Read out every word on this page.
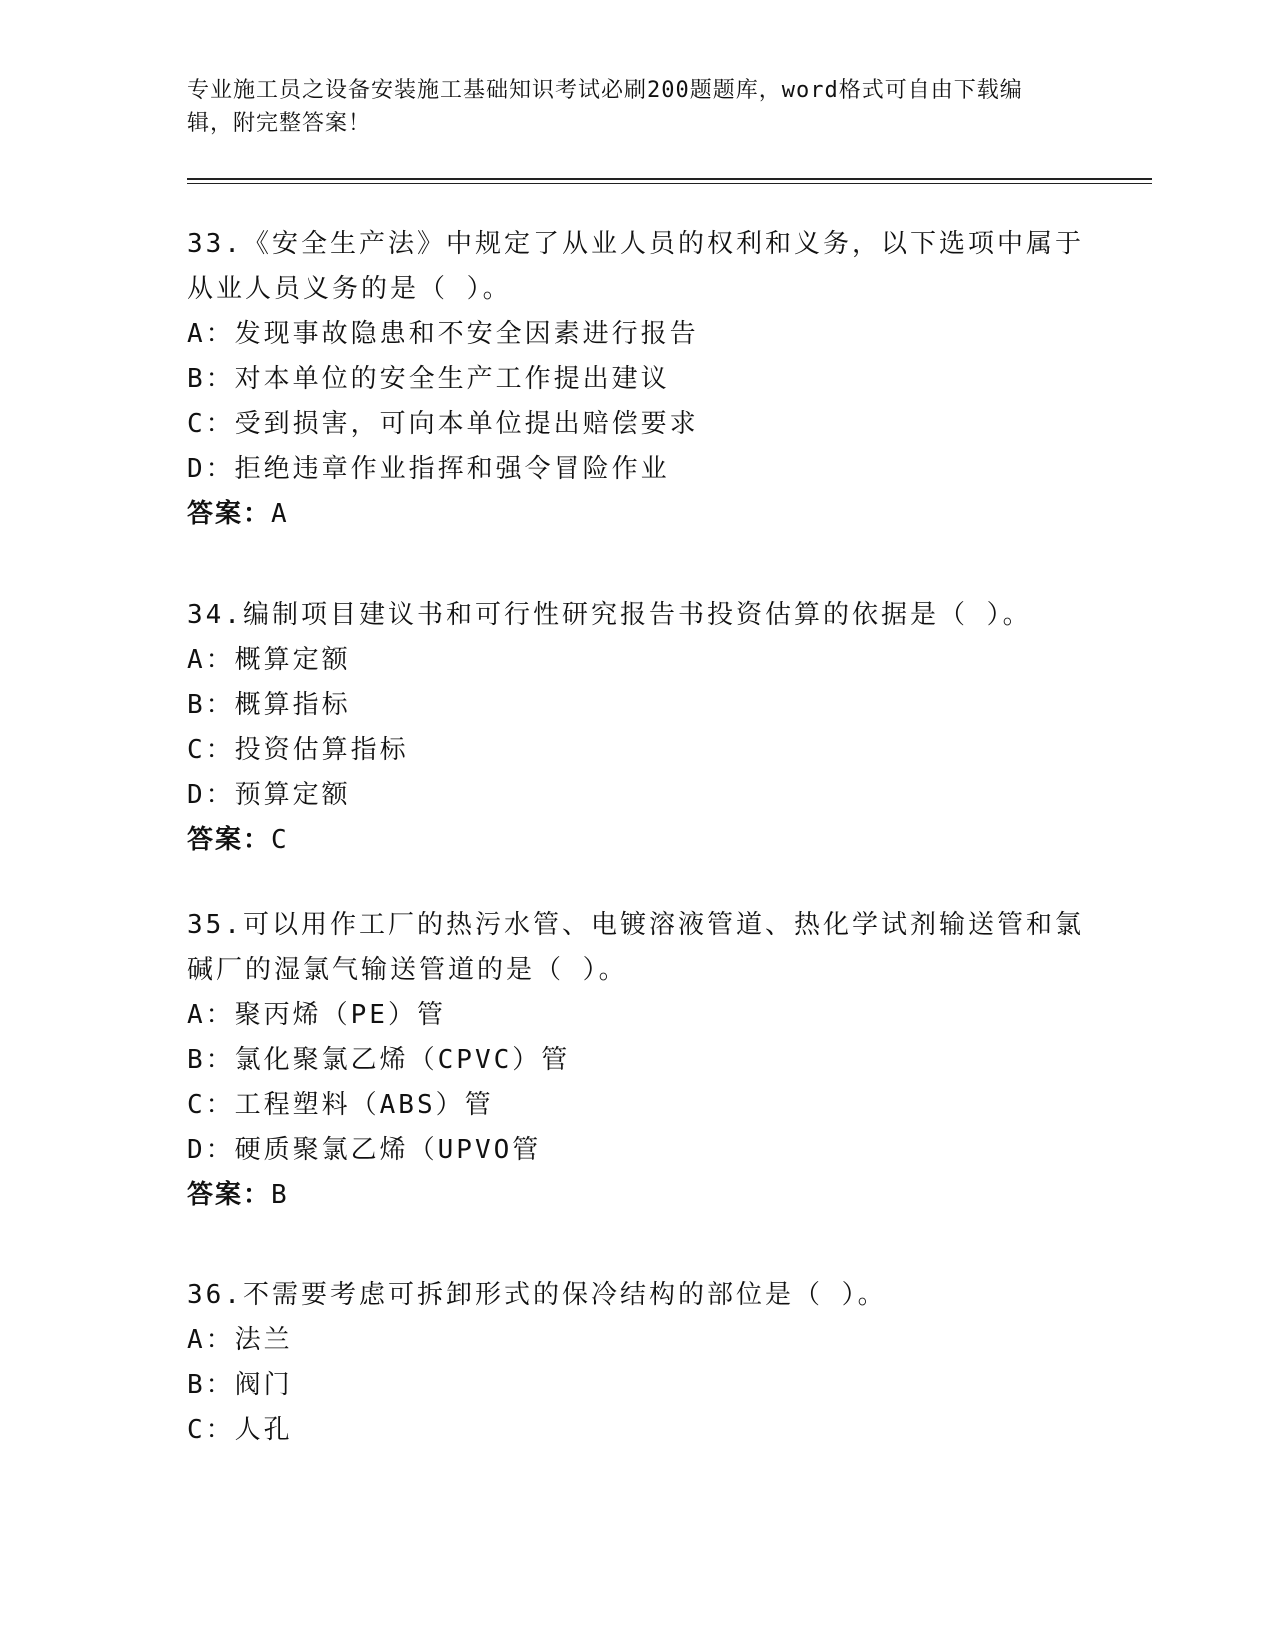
专业施工员之设备安装施工基础知识考试必刷200题题库，word格式可自由下载编辑，附完整答案！

33.《安全生产法》中规定了从业人员的权利和义务，以下选项中属于从业人员义务的是（ ）。

A：发现事故隐患和不安全因素进行报告

B：对本单位的安全生产工作提出建议

C：受到损害，可向本单位提出赔偿要求

D：拒绝违章作业指挥和强令冒险作业

答案：A

34.编制项目建议书和可行性研究报告书投资估算的依据是（ ）。

A：概算定额

B：概算指标

C：投资估算指标

D：预算定额

答案：C

35.可以用作工厂的热污水管、电镀溶液管道、热化学试剂输送管和氯碱厂的湿氯气输送管道的是（ ）。

A：聚丙烯（PE）管

B：氯化聚氯乙烯（CPVC）管

C：工程塑料（ABS）管

D：硬质聚氯乙烯（UPVO管

答案：B

36.不需要考虑可拆卸形式的保冷结构的部位是（ ）。

A：法兰

B：阀门

C：人孔
